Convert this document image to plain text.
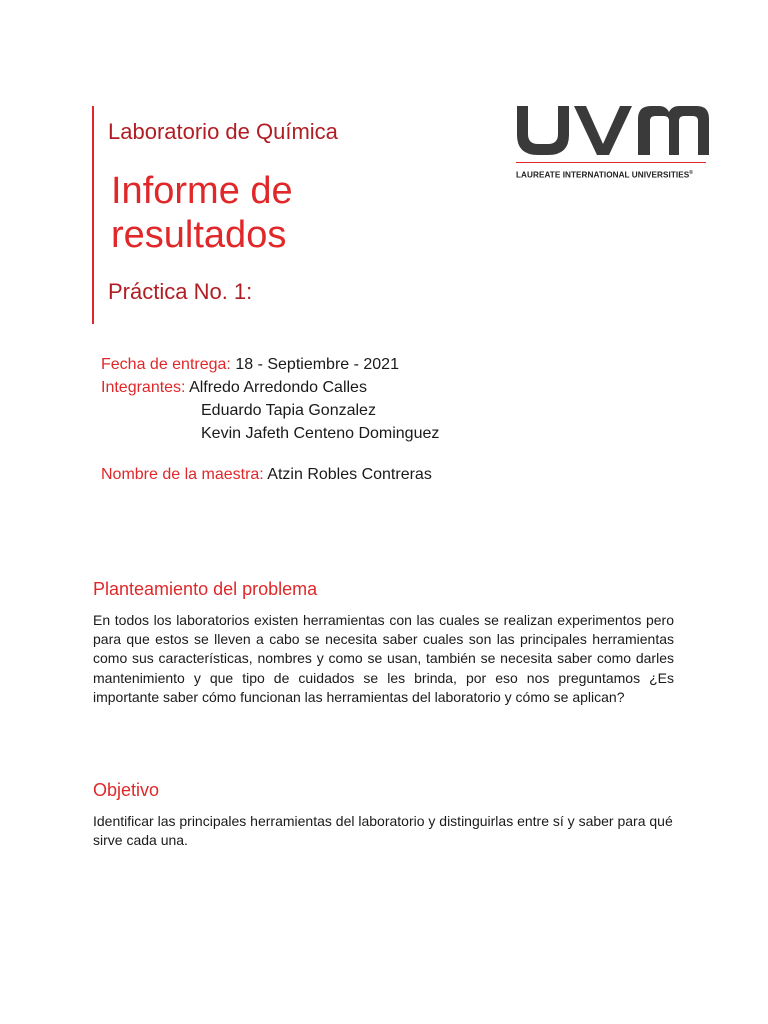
Laboratorio de Química
Informe de
resultados
Práctica No. 1:
LAUREATE INTERNATIONAL UNIVERSITIES®
Fecha de entrega: 18 - Septiembre - 2021
Integrantes: Alfredo Arredondo Calles
Eduardo Tapia Gonzalez
Kevin Jafeth Centeno Dominguez
Nombre de la maestra: Atzin Robles Contreras
Planteamiento del problema

En todos los laboratorios existen herramientas con las cuales se realizan experimentos pero para que estos se lleven a cabo se necesita saber cuales son las principales herramientas como sus características, nombres y como se usan, también se necesita saber como darles mantenimiento y que tipo de cuidados se les brinda, por eso nos preguntamos ¿Es importante saber cómo funcionan las herramientas del laboratorio y cómo se aplican?

Objetivo

Identificar las principales herramientas del laboratorio y distinguirlas entre sí y saber para qué sirve cada una.
